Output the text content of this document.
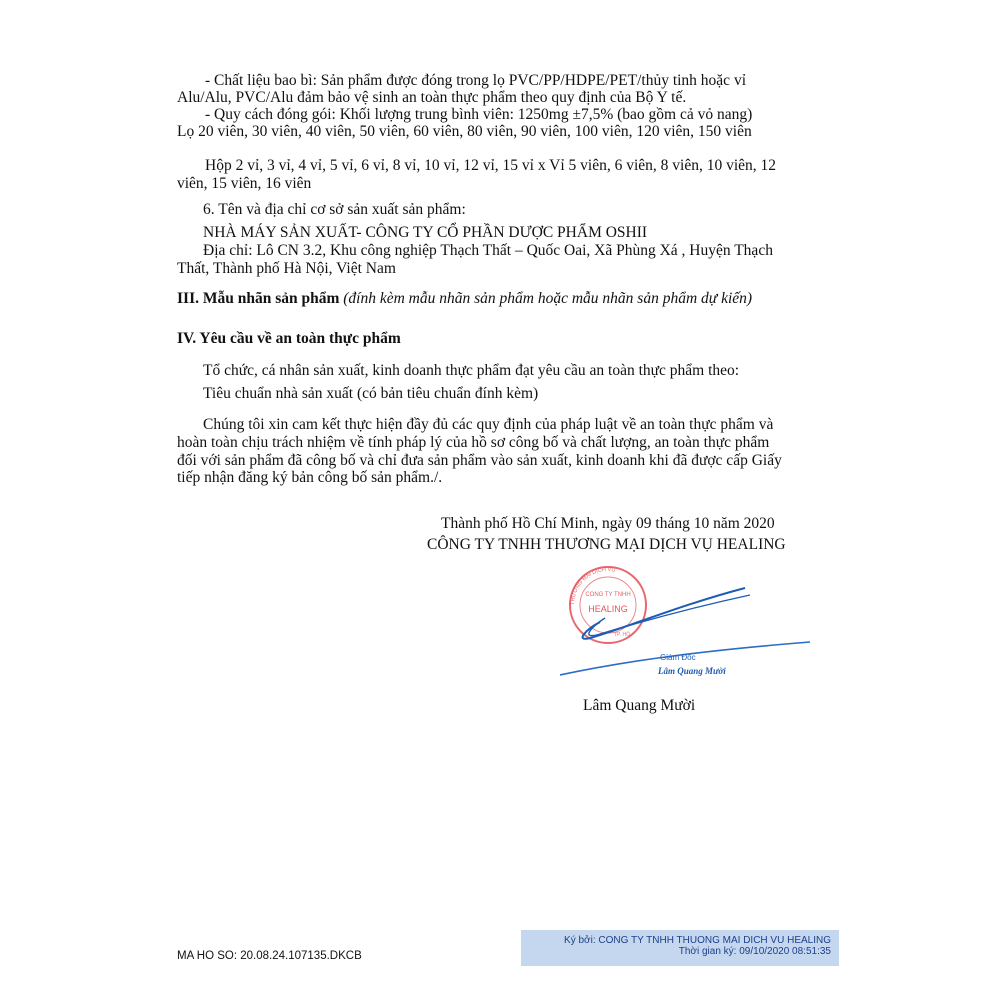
- Chất liệu bao bì: Sản phẩm được đóng trong lọ PVC/PP/HDPE/PET/thủy tinh hoặc vỉ
Alu/Alu, PVC/Alu đảm bảo vệ sinh an toàn thực phẩm theo quy định của Bộ Y tế.
- Quy cách đóng gói: Khối lượng trung bình viên: 1250mg ±7,5% (bao gồm cả vỏ nang)
Lọ 20 viên, 30 viên, 40 viên, 50 viên, 60 viên, 80 viên, 90 viên, 100 viên, 120 viên, 150 viên
Hộp 2 vỉ, 3 vỉ, 4 vỉ, 5 vỉ, 6 vỉ, 8 vỉ, 10 vỉ, 12 vỉ, 15 vỉ x Vỉ 5 viên, 6 viên, 8 viên, 10 viên, 12
viên, 15 viên, 16 viên
6. Tên và địa chỉ cơ sở sản xuất sản phẩm:
NHÀ MÁY SẢN XUẤT- CÔNG TY CỔ PHẦN DƯỢC PHẨM OSHII
Địa chỉ: Lô CN 3.2, Khu công nghiệp Thạch Thất – Quốc Oai, Xã Phùng Xá , Huyện Thạch
Thất, Thành phố Hà Nội, Việt Nam
III. Mẫu nhãn sản phẩm (đính kèm mẫu nhãn sản phẩm hoặc mẫu nhãn sản phẩm dự kiến)
IV. Yêu cầu về an toàn thực phẩm
Tổ chức, cá nhân sản xuất, kinh doanh thực phẩm đạt yêu cầu an toàn thực phẩm theo:
Tiêu chuẩn nhà sản xuất (có bản tiêu chuẩn đính kèm)
Chúng tôi xin cam kết thực hiện đầy đủ các quy định của pháp luật về an toàn thực phẩm và
hoàn toàn chịu trách nhiệm về tính pháp lý của hồ sơ công bố và chất lượng, an toàn thực phẩm
đối với sản phẩm đã công bố và chỉ đưa sản phẩm vào sản xuất, kinh doanh khi đã được cấp Giấy
tiếp nhận đăng ký bản công bố sản phẩm./.
Thành phố Hồ Chí Minh, ngày 09 tháng 10 năm 2020
CÔNG TY TNHH THƯƠNG MẠI DỊCH VỤ HEALING
THƯƠNG MẠI DỊCH VỤ
CÔNG TY TNHH
HEALING
TP. HỒ
Giám Đốc
Lâm Quang Mười
Lâm Quang Mười
MA HO SO: 20.08.24.107135.DKCB
Ký bởi: CONG TY TNHH THUONG MAI DICH VU HEALING
Thời gian ký: 09/10/2020 08:51:35
